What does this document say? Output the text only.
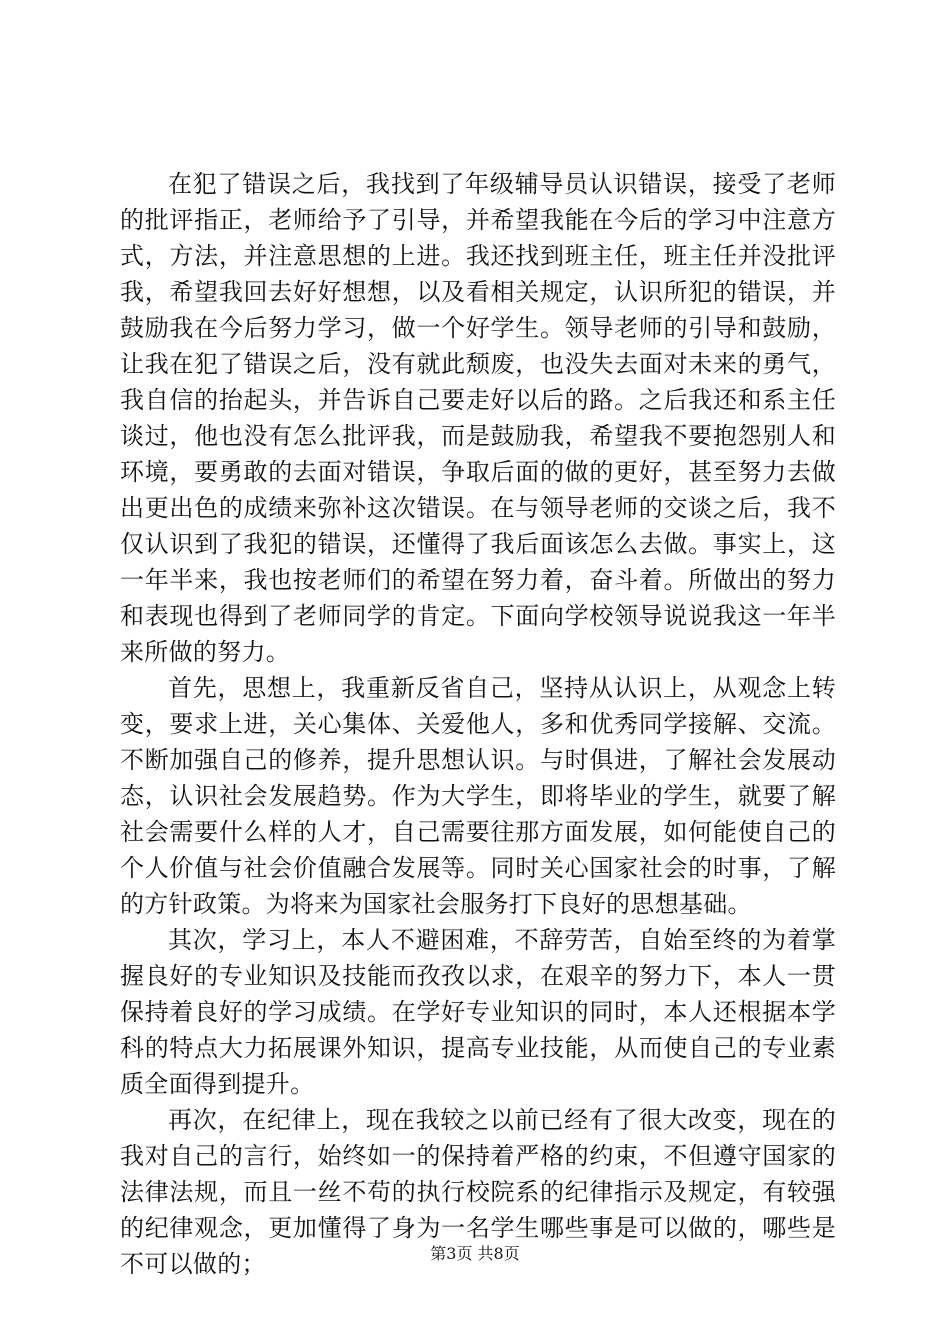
在犯了错误之后，我找到了年级辅导员认识错误，接受了老师的批评指正，老师给予了引导，并希望我能在今后的学习中注意方式，方法，并注意思想的上进。我还找到班主任，班主任并没批评我，希望我回去好好想想，以及看相关规定，认识所犯的错误，并鼓励我在今后努力学习，做一个好学生。领导老师的引导和鼓励，让我在犯了错误之后，没有就此颓废，也没失去面对未来的勇气，我自信的抬起头，并告诉自己要走好以后的路。之后我还和系主任谈过，他也没有怎么批评我，而是鼓励我，希望我不要抱怨别人和环境，要勇敢的去面对错误，争取后面的做的更好，甚至努力去做出更出色的成绩来弥补这次错误。在与领导老师的交谈之后，我不仅认识到了我犯的错误，还懂得了我后面该怎么去做。事实上，这一年半来，我也按老师们的希望在努力着，奋斗着。所做出的努力和表现也得到了老师同学的肯定。下面向学校领导说说我这一年半来所做的努力。

首先，思想上，我重新反省自己，坚持从认识上，从观念上转变，要求上进，关心集体、关爱他人，多和优秀同学接解、交流。不断加强自己的修养，提升思想认识。与时俱进，了解社会发展动态，认识社会发展趋势。作为大学生，即将毕业的学生，就要了解社会需要什么样的人才，自己需要往那方面发展，如何能使自己的个人价值与社会价值融合发展等。同时关心国家社会的时事，了解的方针政策。为将来为国家社会服务打下良好的思想基础。

其次，学习上，本人不避困难，不辞劳苦，自始至终的为着掌握良好的专业知识及技能而孜孜以求，在艰辛的努力下，本人一贯保持着良好的学习成绩。在学好专业知识的同时，本人还根据本学科的特点大力拓展课外知识，提高专业技能，从而使自己的专业素质全面得到提升。

再次，在纪律上，现在我较之以前已经有了很大改变，现在的我对自己的言行，始终如一的保持着严格的约束，不但遵守国家的法律法规，而且一丝不苟的执行校院系的纪律指示及规定，有较强的纪律观念，更加懂得了身为一名学生哪些事是可以做的，哪些是不可以做的；	第3页 共8页
